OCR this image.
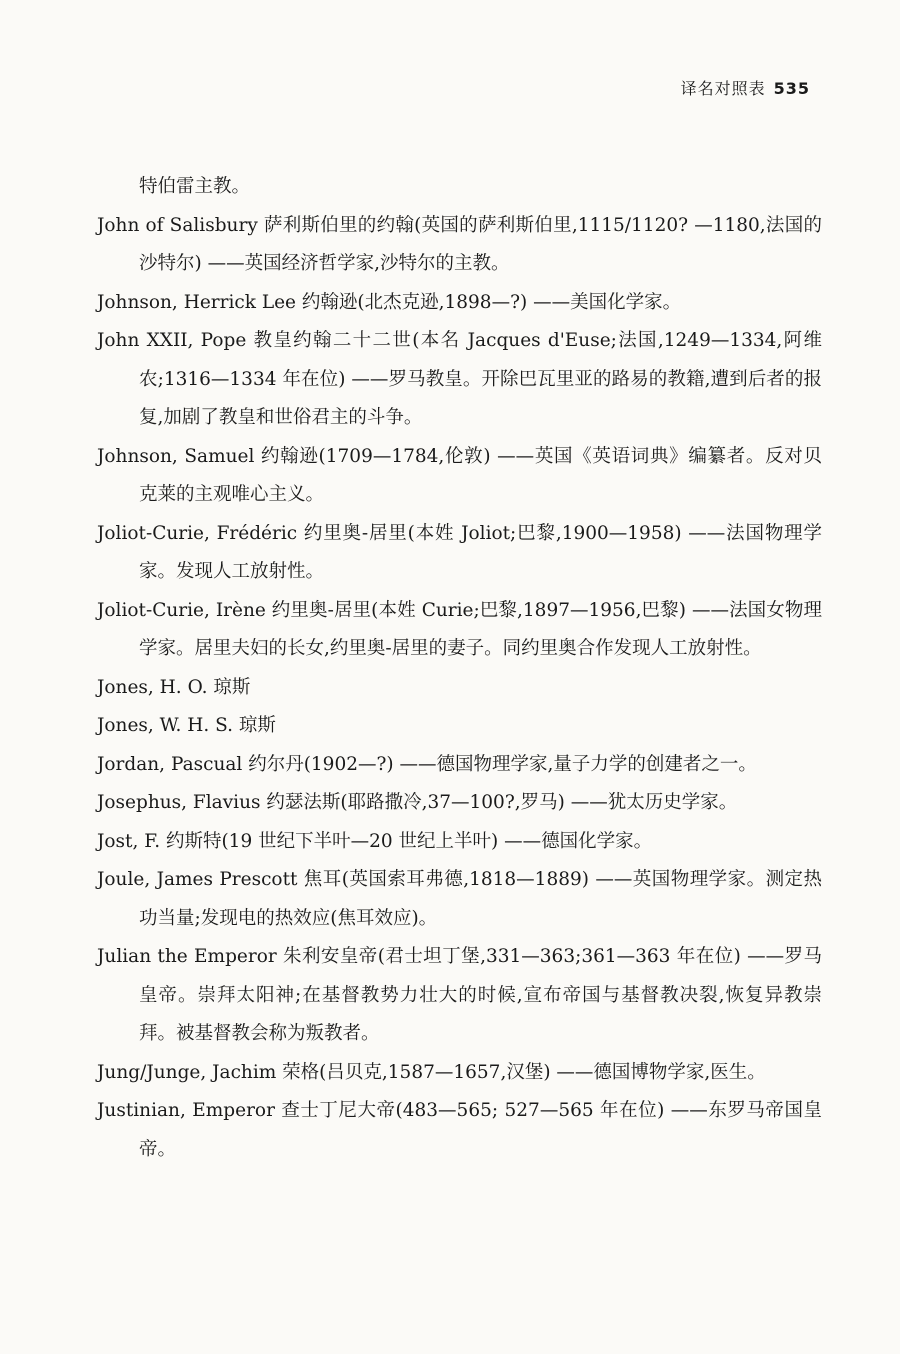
译名对照表 535
特伯雷主教。
John of Salisbury 萨利斯伯里的约翰(英国的萨利斯伯里,1115/1120? —1180,法国的沙特尔) ——英国经济哲学家,沙特尔的主教。
Johnson, Herrick Lee 约翰逊(北杰克逊,1898—?) ——美国化学家。
John XXII, Pope 教皇约翰二十二世(本名 Jacques d'Euse;法国,1249—1334,阿维农;1316—1334 年在位) ——罗马教皇。开除巴瓦里亚的路易的教籍,遭到后者的报复,加剧了教皇和世俗君主的斗争。
Johnson, Samuel 约翰逊(1709—1784,伦敦) ——英国《英语词典》编纂者。反对贝克莱的主观唯心主义。
Joliot-Curie, Frédéric 约里奥-居里(本姓 Joliot;巴黎,1900—1958) ——法国物理学家。发现人工放射性。
Joliot-Curie, Irène 约里奥-居里(本姓 Curie;巴黎,1897—1956,巴黎) ——法国女物理学家。居里夫妇的长女,约里奥-居里的妻子。同约里奥合作发现人工放射性。
Jones, H. O. 琼斯
Jones, W. H. S. 琼斯
Jordan, Pascual 约尔丹(1902—?) ——德国物理学家,量子力学的创建者之一。
Josephus, Flavius 约瑟法斯(耶路撒冷,37—100?,罗马) ——犹太历史学家。
Jost, F. 约斯特(19 世纪下半叶—20 世纪上半叶) ——德国化学家。
Joule, James Prescott 焦耳(英国索耳弗德,1818—1889) ——英国物理学家。测定热功当量;发现电的热效应(焦耳效应)。
Julian the Emperor 朱利安皇帝(君士坦丁堡,331—363;361—363 年在位) ——罗马皇帝。崇拜太阳神;在基督教势力壮大的时候,宣布帝国与基督教决裂,恢复异教崇拜。被基督教会称为叛教者。
Jung/Junge, Jachim 荣格(吕贝克,1587—1657,汉堡) ——德国博物学家,医生。
Justinian, Emperor 查士丁尼大帝(483—565; 527—565 年在位) ——东罗马帝国皇帝。
